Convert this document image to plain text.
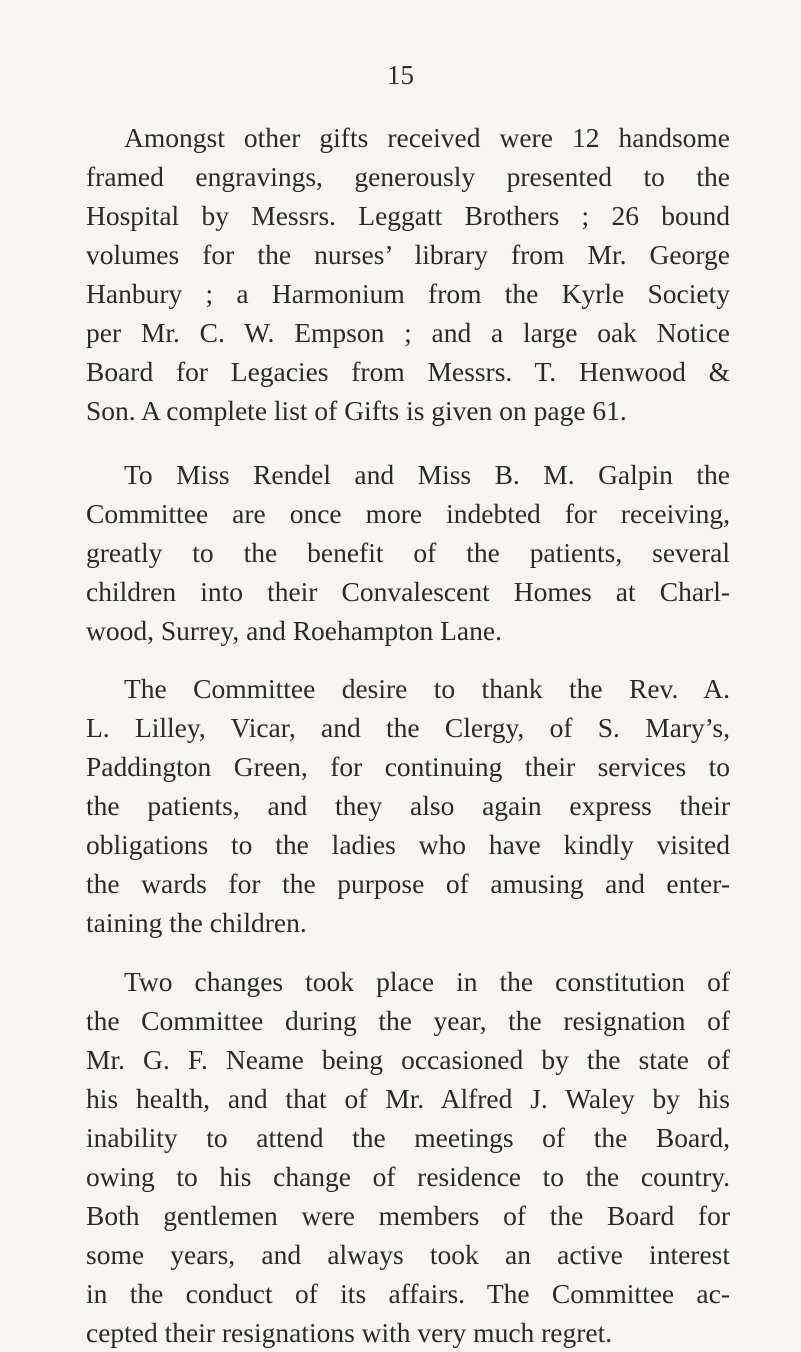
15
Amongst other gifts received were 12 handsome
framed engravings, generously presented to the
Hospital by Messrs. Leggatt Brothers ; 26 bound
volumes for the nurses’ library from Mr. George
Hanbury ; a Harmonium from the Kyrle Society
per Mr. C. W. Empson ; and a large oak Notice
Board for Legacies from Messrs. T. Henwood &
Son. A complete list of Gifts is given on page 61.
To Miss Rendel and Miss B. M. Galpin the
Committee are once more indebted for receiving,
greatly to the benefit of the patients, several
children into their Convalescent Homes at Charl-
wood, Surrey, and Roehampton Lane.
The Committee desire to thank the Rev. A.
L. Lilley, Vicar, and the Clergy, of S. Mary’s,
Paddington Green, for continuing their services to
the patients, and they also again express their
obligations to the ladies who have kindly visited
the wards for the purpose of amusing and enter-
taining the children.
Two changes took place in the constitution of
the Committee during the year, the resignation of
Mr. G. F. Neame being occasioned by the state of
his health, and that of Mr. Alfred J. Waley by his
inability to attend the meetings of the Board,
owing to his change of residence to the country.
Both gentlemen were members of the Board for
some years, and always took an active interest
in the conduct of its affairs. The Committee ac-
cepted their resignations with very much regret.
